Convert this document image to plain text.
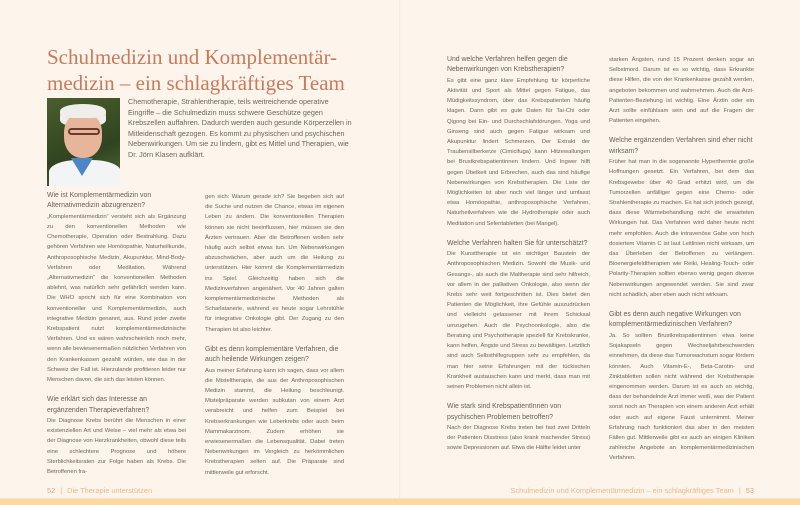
Schulmedizin und Komplementär-medizin – ein schlagkräftiges Team

Chemotherapie, Strahlentherapie, teils weitreichende operative Eingriffe – die Schulmedizin muss schwere Geschütze gegen Krebszellen auffahren. Dadurch werden auch gesunde Körperzellen in Mitleidenschaft gezogen. Es kommt zu physischen und psychischen Nebenwirkungen. Um sie zu lindern, gibt es Mittel und Therapien, wie Dr. Jörn Klasen aufklärt.

Wie ist Komplementärmedizin von Alternativmedizin abzugrenzen?

„Komplementärmedizin“ versteht sich als Ergänzung zu den konventionellen Methoden wie Chemotherapie, Operation oder Bestrahlung. Dazu gehören Verfahren wie Homöopathie, Naturheilkunde, Anthroposophische Medizin, Akupunktur, Mind-Body-Verfahren oder Meditation. Während „Alternativmedizin“ die konventionellen Methoden ablehnt, was natürlich sehr gefährlich werden kann. Die WHO spricht sich für eine Kombination von konventioneller und Komplementärmedizin, auch integrative Medizin genannt, aus. Rund jeder zweite Krebspatient nutzt komplementärmedizinische Verfahren. Und es wären wahrscheinlich noch mehr, wenn alle bewiesenermaßen nützlichen Verfahren von den Krankenkassen gezahlt würden, wie das in der Schweiz der Fall ist. Hierzulande profitieren leider nur Menschen davon, die sich das leisten können.

Wie erklärt sich das Interesse an ergänzenden Therapieverfahren?

Die Diagnose Krebs berührt die Menschen in einer existenziellen Art und Weise – viel mehr als etwa bei der Diagnose von Herzkrankheiten, obwohl diese teils eine schlechtere Prognose und höhere Sterblichkeitsraten zur Folge haben als Krebs. Die Betroffenen fra-

gen sich: Warum gerade ich? Sie begeben sich auf die Suche und nutzen die Chance, etwas im eigenen Leben zu ändern. Die konventionellen Therapien können sie nicht beeinflussen, hier müssen sie den Ärzten vertrauen. Aber die Betroffenen wollen sehr häufig auch selbst etwas tun. Um Nebenwirkungen abzuschwächen, aber auch um die Heilung zu unterstützen. Hier kommt die Komplementärmedizin ins Spiel. Gleichzeitig haben sich die Medizinverfahren angenähert. Vor 40 Jahren galten komplementärmedizinische Methoden als Scharlatanerie, während es heute sogar Lehrstühle für integrative Onkologie gibt. Der Zugang zu den Therapien ist also leichter.

Gibt es denn komplementäre Verfahren, die auch heilende Wirkungen zeigen?

Aus meiner Erfahrung kann ich sagen, dass vor allem die Misteltherapie, die aus der Anthroposophischen Medizin stammt, die Heilung beschleunigt. Mistelpräparate werden subkutan von einem Arzt verabreicht und helfen zum Beispiel bei Krebserkrankungen wie Leberkrebs oder auch beim Mammakarzinom. Zudem erhöhen sie erwiesenermaßen die Lebensqualität. Dabei treten Nebenwirkungen im Vergleich zu herkömmlichen Krebstherapien selten auf. Die Präparate sind mittlerweile gut erforscht.

Und welche Verfahren helfen gegen die Nebenwirkungen von Krebstherapien?

Es gibt eine ganz klare Empfehlung für körperliche Aktivität und Sport als Mittel gegen Fatigue, das Müdigkeitssyndrom, über das Krebspatienten häufig klagen. Dann gibt es gute Daten für Tai-Chi oder Qigong bei Ein- und Durchschlafstörungen. Yoga und Ginseng sind auch gegen Fatigue wirksam und Akupunktur lindert Schmerzen. Der Extrakt der Traubensilberkerze (Cimicifuga) kann Hitzewallungen bei Brustkrebspatientinnen lindern. Und Ingwer hilft gegen Übelkeit und Erbrechen, auch das sind häufige Nebenwirkungen von Krebstherapien. Die Liste der Möglichkeiten ist aber noch viel länger und umfasst etwa Homöopathie, anthroposophische Verfahren, Naturheilverfahren wie die Hydrotherapie oder auch Meditation und Selentabletten (bei Mangel).

Welche Verfahren halten Sie für unterschätzt?

Die Kunsttherapie ist ein wichtiger Baustein der Anthroposophischen Medizin. Sowohl die Musik- und Gesangs-, als auch die Maltherapie sind sehr hilfreich, vor allem in der palliativen Onkologie, also wenn der Krebs sehr weit fortgeschritten ist. Dies bietet den Patienten die Möglichkeit, ihre Gefühle auszudrücken und vielleicht gelassener mit ihrem Schicksal umzugehen. Auch die Psychoonkologie, also die Beratung und Psychotherapie speziell für Krebskranke, kann helfen, Ängste und Stress zu bewältigen. Letztlich sind auch Selbsthilfegruppen sehr zu empfehlen, da man hier seine Erfahrungen mit der tückischen Krankheit austauschen kann und merkt, dass man mit seinen Problemen nicht allein ist.

Wie stark sind KrebspatientInnen von psychischen Problemen betroffen?

Nach der Diagnose Krebs treten bei fast zwei Dritteln der Patienten Disstress (also krank machender Stress) sowie Depressionen auf. Etwa die Hälfte leidet unter

starken Ängsten, rund 15 Prozent denken sogar an Selbstmord. Darum ist es so wichtig, dass Erkrankte diese Hilfen, die von der Krankenkasse gezahlt werden, angeboten bekommen und wahrnehmen. Auch die Arzt-Patienten-Beziehung ist wichtig. Eine Ärztin oder ein Arzt sollte einfühlsam sein und auf die Fragen der Patienten eingehen.

Welche ergänzenden Verfahren sind eher nicht wirksam?

Früher hat man in die sogenannte Hyperthermie große Hoffnungen gesetzt. Ein Verfahren, bei dem das Krebsgewebe über 40 Grad erhitzt wird, um die Tumorzellen anfälliger gegen eine Chemo- oder Strahlentherapie zu machen. Es hat sich jedoch gezeigt, dass diese Wärmebehandlung nicht die erwarteten Wirkungen hat. Das Verfahren wird daher heute nicht mehr empfohlen. Auch die intravenöse Gabe von hoch dosiertem Vitamin C ist laut Leitlinien nicht wirksam, um das Überleben der Betroffenen zu verlängern. Bioenergiefeldtherapien wie Reiki, Healing-Touch- oder Polarity-Therapien sollten ebenso wenig gegen diverse Nebenwirkungen angewendet werden. Sie sind zwar nicht schädlich, aber eben auch nicht wirksam.

Gibt es denn auch negative Wirkungen von komplementärmedizinischen Verfahren?

Ja. So sollten Brustkrebspatientinnen etwa keine Sojakapseln gegen Wechseljahrbeschwerden einnehmen, da diese das Tumorwachstum sogar fördern könnten. Auch Vitamin-E-, Beta-Carotin- und Zinktabletten sollen nicht während der Krebstherapie eingenommen werden. Darum ist es auch so wichtig, dass der behandelnde Arzt immer weiß, was der Patient sonst noch an Therapien von einem anderen Arzt erhält oder auch auf eigene Faust unternimmt. Meiner Erfahrung nach funktioniert das aber in den meisten Fällen gut. Mittlerweile gibt es auch an einigen Kliniken zahlreiche Angebote an komplementärmedizinischen Verfahren.

52 | Die Therapie unterstützen	Schulmedizin und Komplementärmedizin – ein schlagkräftiges Team | 53
